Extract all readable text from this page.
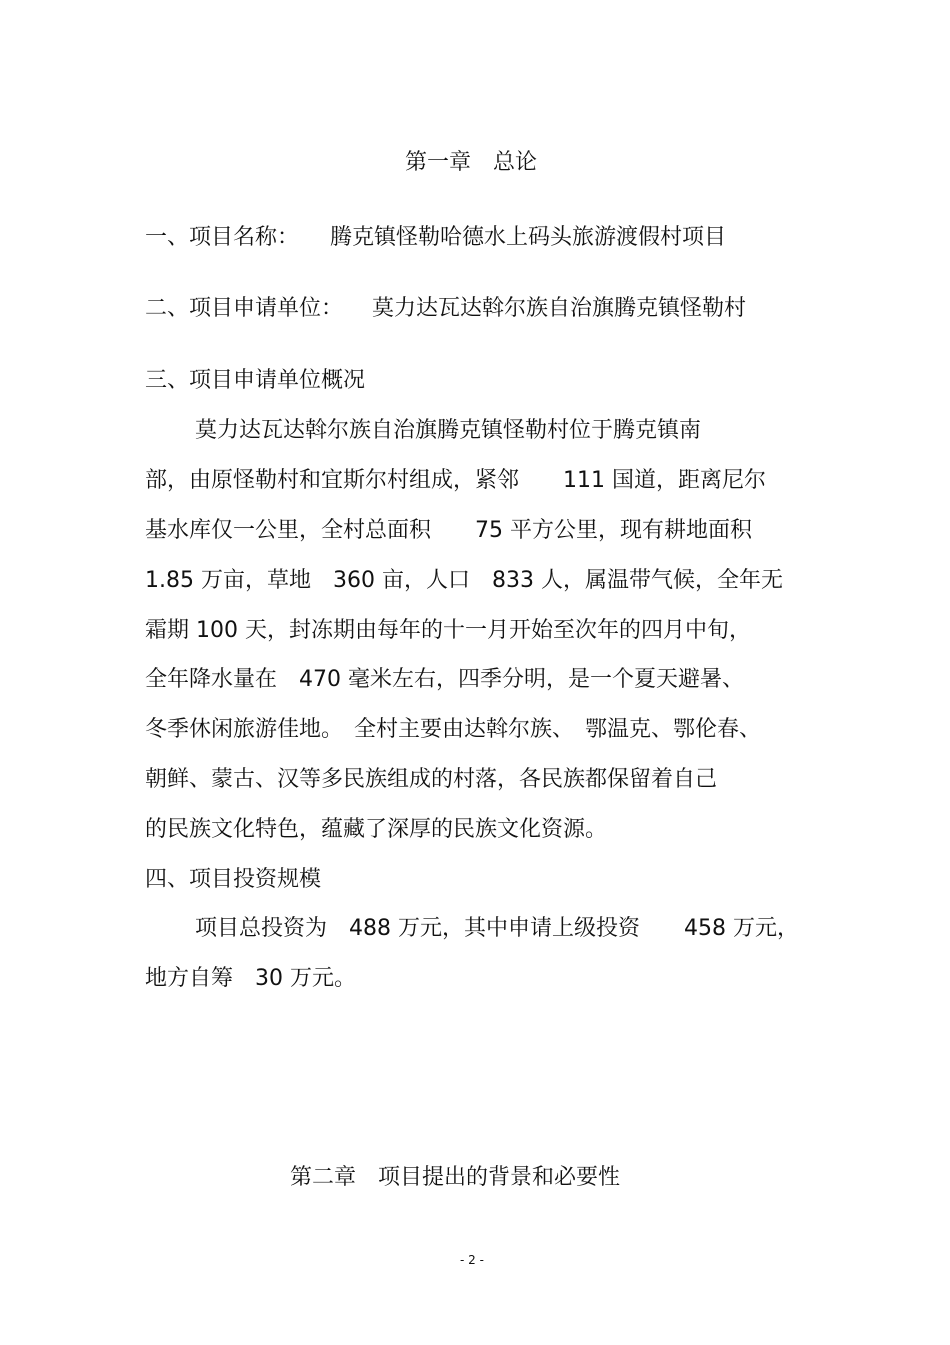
第一章　总论
一、项目名称： 腾克镇怪勒哈德水上码头旅游渡假村项目
二、项目申请单位： 莫力达瓦达斡尔族自治旗腾克镇怪勒村
三、项目申请单位概况
莫力达瓦达斡尔族自治旗腾克镇怪勒村位于腾克镇南
部，由原怪勒村和宜斯尔村组成，紧邻　　111 国道，距离尼尔
基水库仅一公里，全村总面积　　75 平方公里，现有耕地面积
1.85 万亩，草地　360 亩，人口　833 人，属温带气候，全年无
霜期 100 天，封冻期由每年的十一月开始至次年的四月中旬，
全年降水量在　470 毫米左右，四季分明，是一个夏天避暑、
冬季休闲旅游佳地。　全村主要由达斡尔族、　鄂温克、鄂伦春、
朝鲜、蒙古、汉等多民族组成的村落，各民族都保留着自己
的民族文化特色，蕴藏了深厚的民族文化资源。
四、项目投资规模
项目总投资为　488 万元，其中申请上级投资　　458 万元，
地方自筹　30 万元。
第二章　项目提出的背景和必要性
- 2 -
